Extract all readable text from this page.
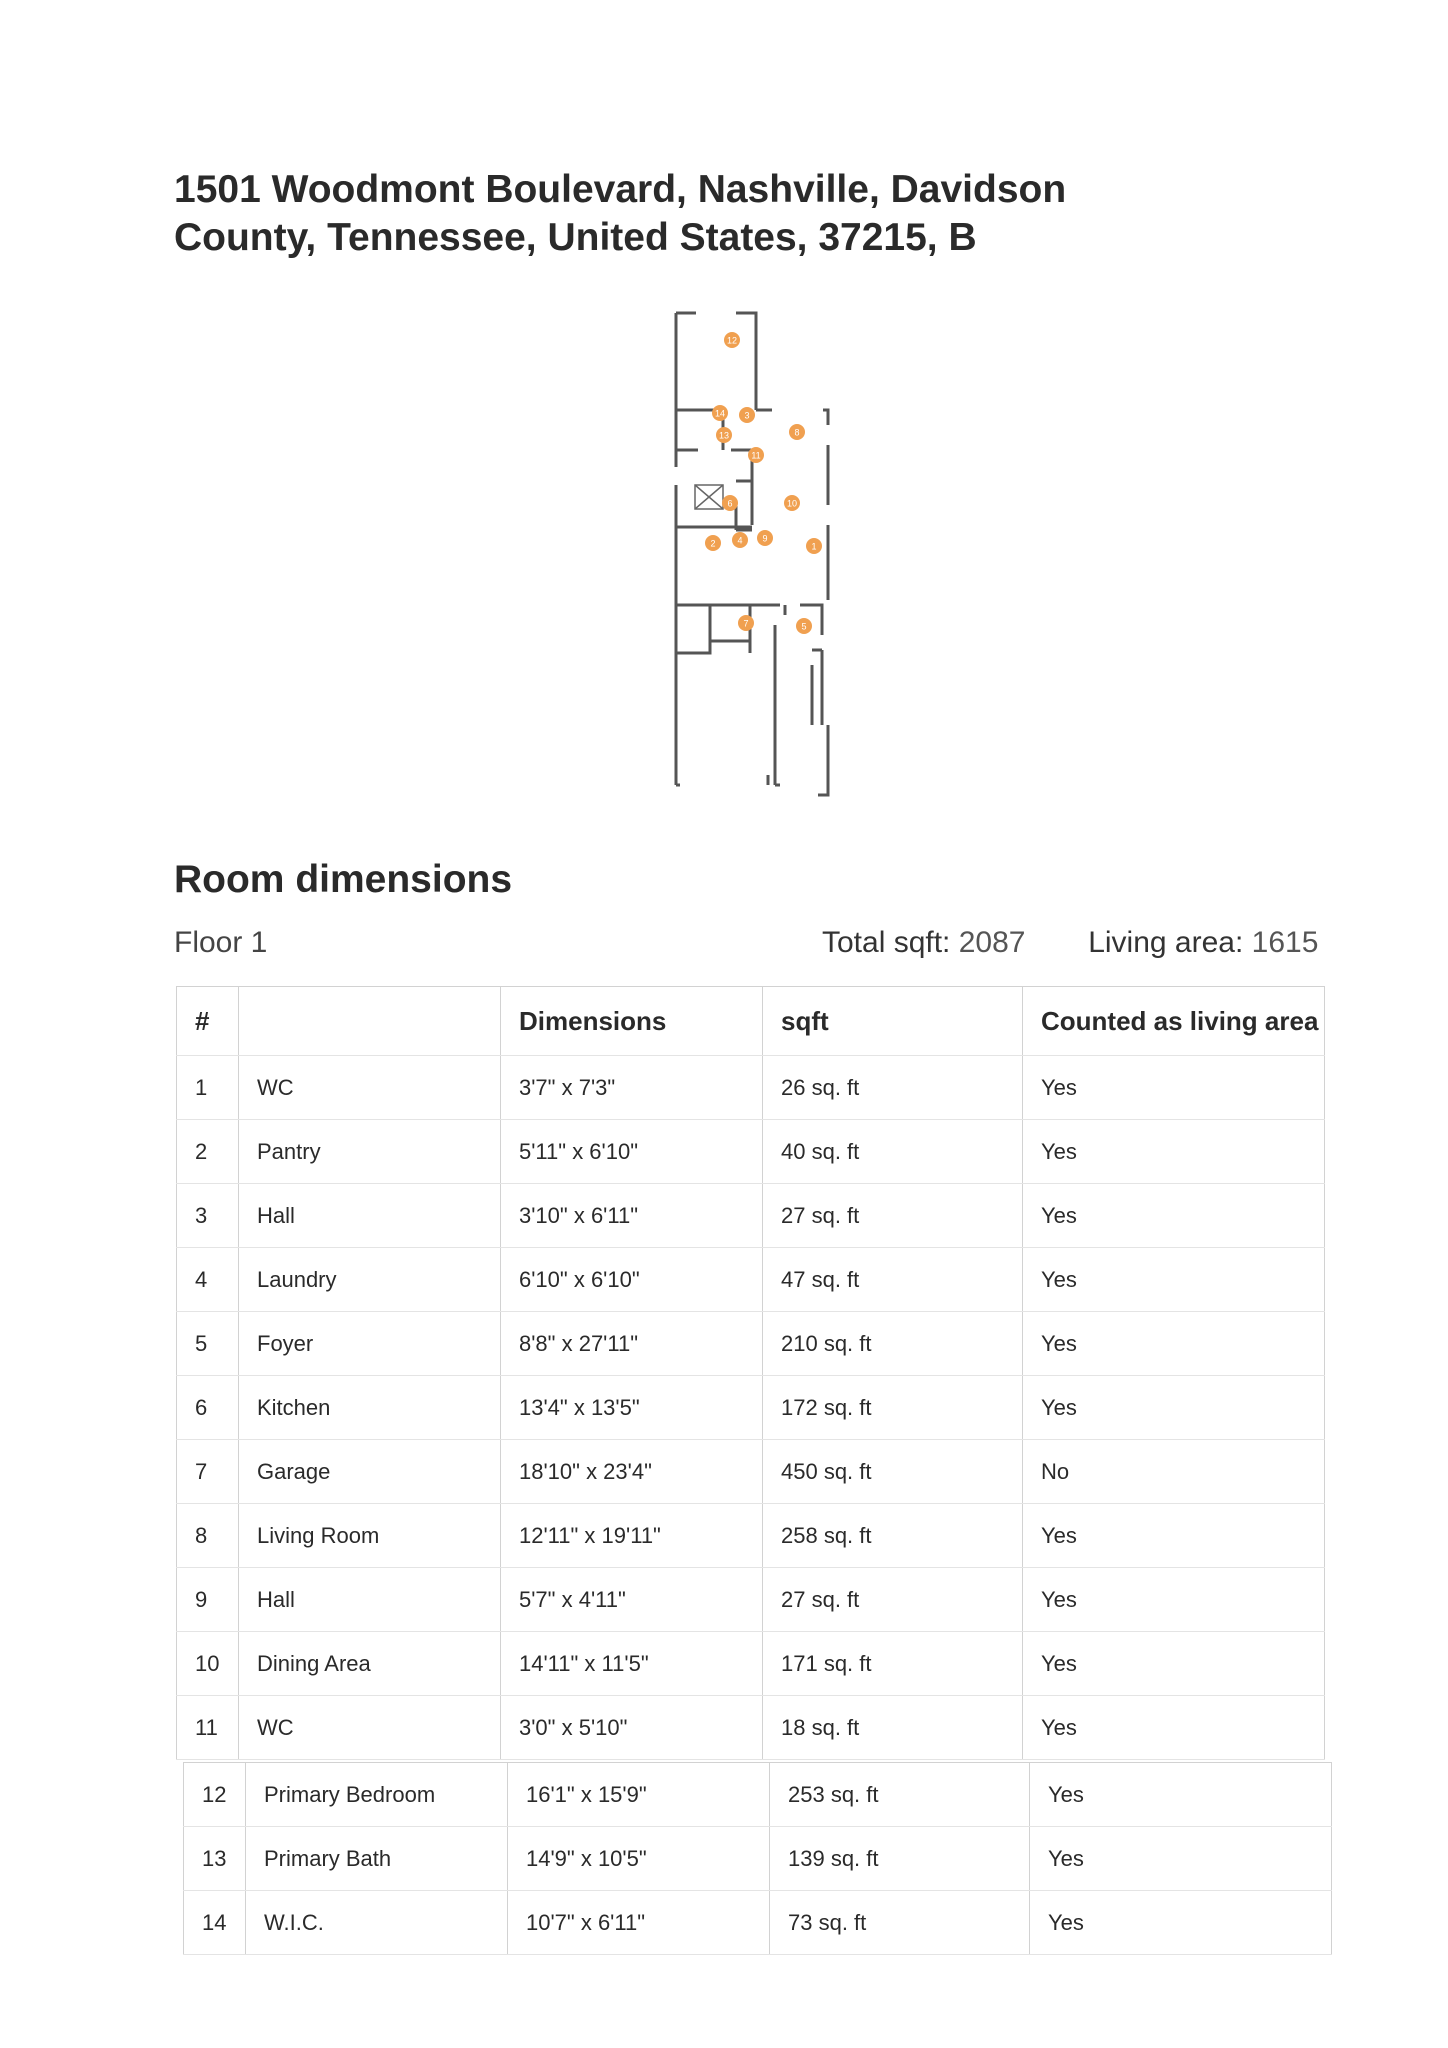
1501 Woodmont Boulevard, Nashville, Davidson
County, Tennessee, United States, 37215, B
12
14 3
13	8
11
6	10
2 4 9
1
7	5
Room dimensions
Floor 1	Total sqft: 2087 Living area: 1615
#		Dimensions	sqft	Counted as living area
1	WC	3'7" x 7'3"	26 sq. ft	Yes
2	Pantry	5'11" x 6'10"	40 sq. ft	Yes
3	Hall	3'10" x 6'11"	27 sq. ft	Yes
4	Laundry	6'10" x 6'10"	47 sq. ft	Yes
5	Foyer	8'8" x 27'11"	210 sq. ft	Yes
6	Kitchen	13'4" x 13'5"	172 sq. ft	Yes
7	Garage	18'10" x 23'4"	450 sq. ft	No
8	Living Room	12'11" x 19'11"	258 sq. ft	Yes
9	Hall	5'7" x 4'11"	27 sq. ft	Yes
10	Dining Area	14'11" x 11'5"	171 sq. ft	Yes
11	WC	3'0" x 5'10"	18 sq. ft	Yes
12	Primary Bedroom	16'1" x 15'9"	253 sq. ft	Yes
13	Primary Bath	14'9" x 10'5"	139 sq. ft	Yes
14	W.I.C.	10'7" x 6'11"	73 sq. ft	Yes
